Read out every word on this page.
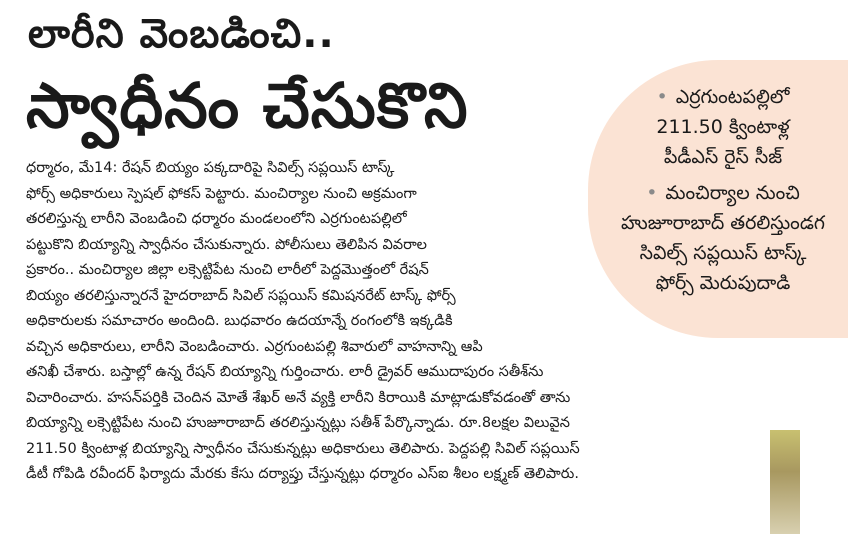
లారీని వెంబడించి..
స్వాధీనం చేసుకొని
•	ఎర్రగుంటపల్లిలో
211.50 క్వింటాళ్ల
పీడీఎస్ రైస్ సీజ్
• మంచిర్యాల నుంచి
హుజూరాబాద్ తరలిస్తుండగ
సివిల్స్ సప్లయిస్ టాస్క్
ఫోర్స్ మెరుపుదాడి
ధర్మారం, మే14: రేషన్ బియ్యం పక్కదారిపై సివిల్స్ సప్లయిస్ టాస్క్
ఫోర్స్ అధికారులు స్పెషల్ ఫోకస్ పెట్టారు. మంచిర్యాల నుంచి అక్రమంగా
తరలిస్తున్న లారీని వెంబడించి ధర్మారం మండలంలోని ఎర్రగుంటపల్లిలో
పట్టుకొని బియ్యాన్ని స్వాధీనం చేసుకున్నారు. పోలీసులు తెలిపిన వివరాల
ప్రకారం.. మంచిర్యాల జిల్లా లక్సెట్టిపేట నుంచి లారీలో పెద్దమొత్తంలో రేషన్
బియ్యం తరలిస్తున్నారనే హైదరాబాద్ సివిల్ సప్లయిస్ కమిషనరేట్ టాస్క్ ఫోర్స్
అధికారులకు సమాచారం అందింది. బుధవారం ఉదయాన్నే రంగంలోకి ఇక్కడికి
వచ్చిన అధికారులు, లారీని వెంబడించారు. ఎర్రగుంటపల్లి శివారులో వాహనాన్ని ఆపి
తనిఖీ చేశారు. బస్తాల్లో ఉన్న రేషన్ బియ్యాన్ని గుర్తించారు. లారీ డ్రైవర్ ఆముదాపురం సతీశ్‌ను
విచారించారు. హసన్‌పర్తికి చెందిన మోతే శేఖర్ అనే వ్యక్తి లారీని కిరాయికి మాట్లాడుకోవడంతో తాను
బియ్యాన్ని లక్సెట్టిపేట నుంచి హుజూరాబాద్ తరలిస్తున్నట్లు సతీశ్ పేర్కొన్నాడు. రూ.8లక్షల విలువైన
211.50 క్వింటాళ్ల బియ్యాన్ని స్వాధీనం చేసుకున్నట్లు అధికారులు తెలిపారు. పెద్దపల్లి సివిల్ సప్లయిస్
డీటీ గోపిడి రవీందర్ ఫిర్యాదు మేరకు కేసు దర్యాప్తు చేస్తున్నట్లు ధర్మారం ఎస్ఐ శీలం లక్ష్మణ్ తెలిపారు.
